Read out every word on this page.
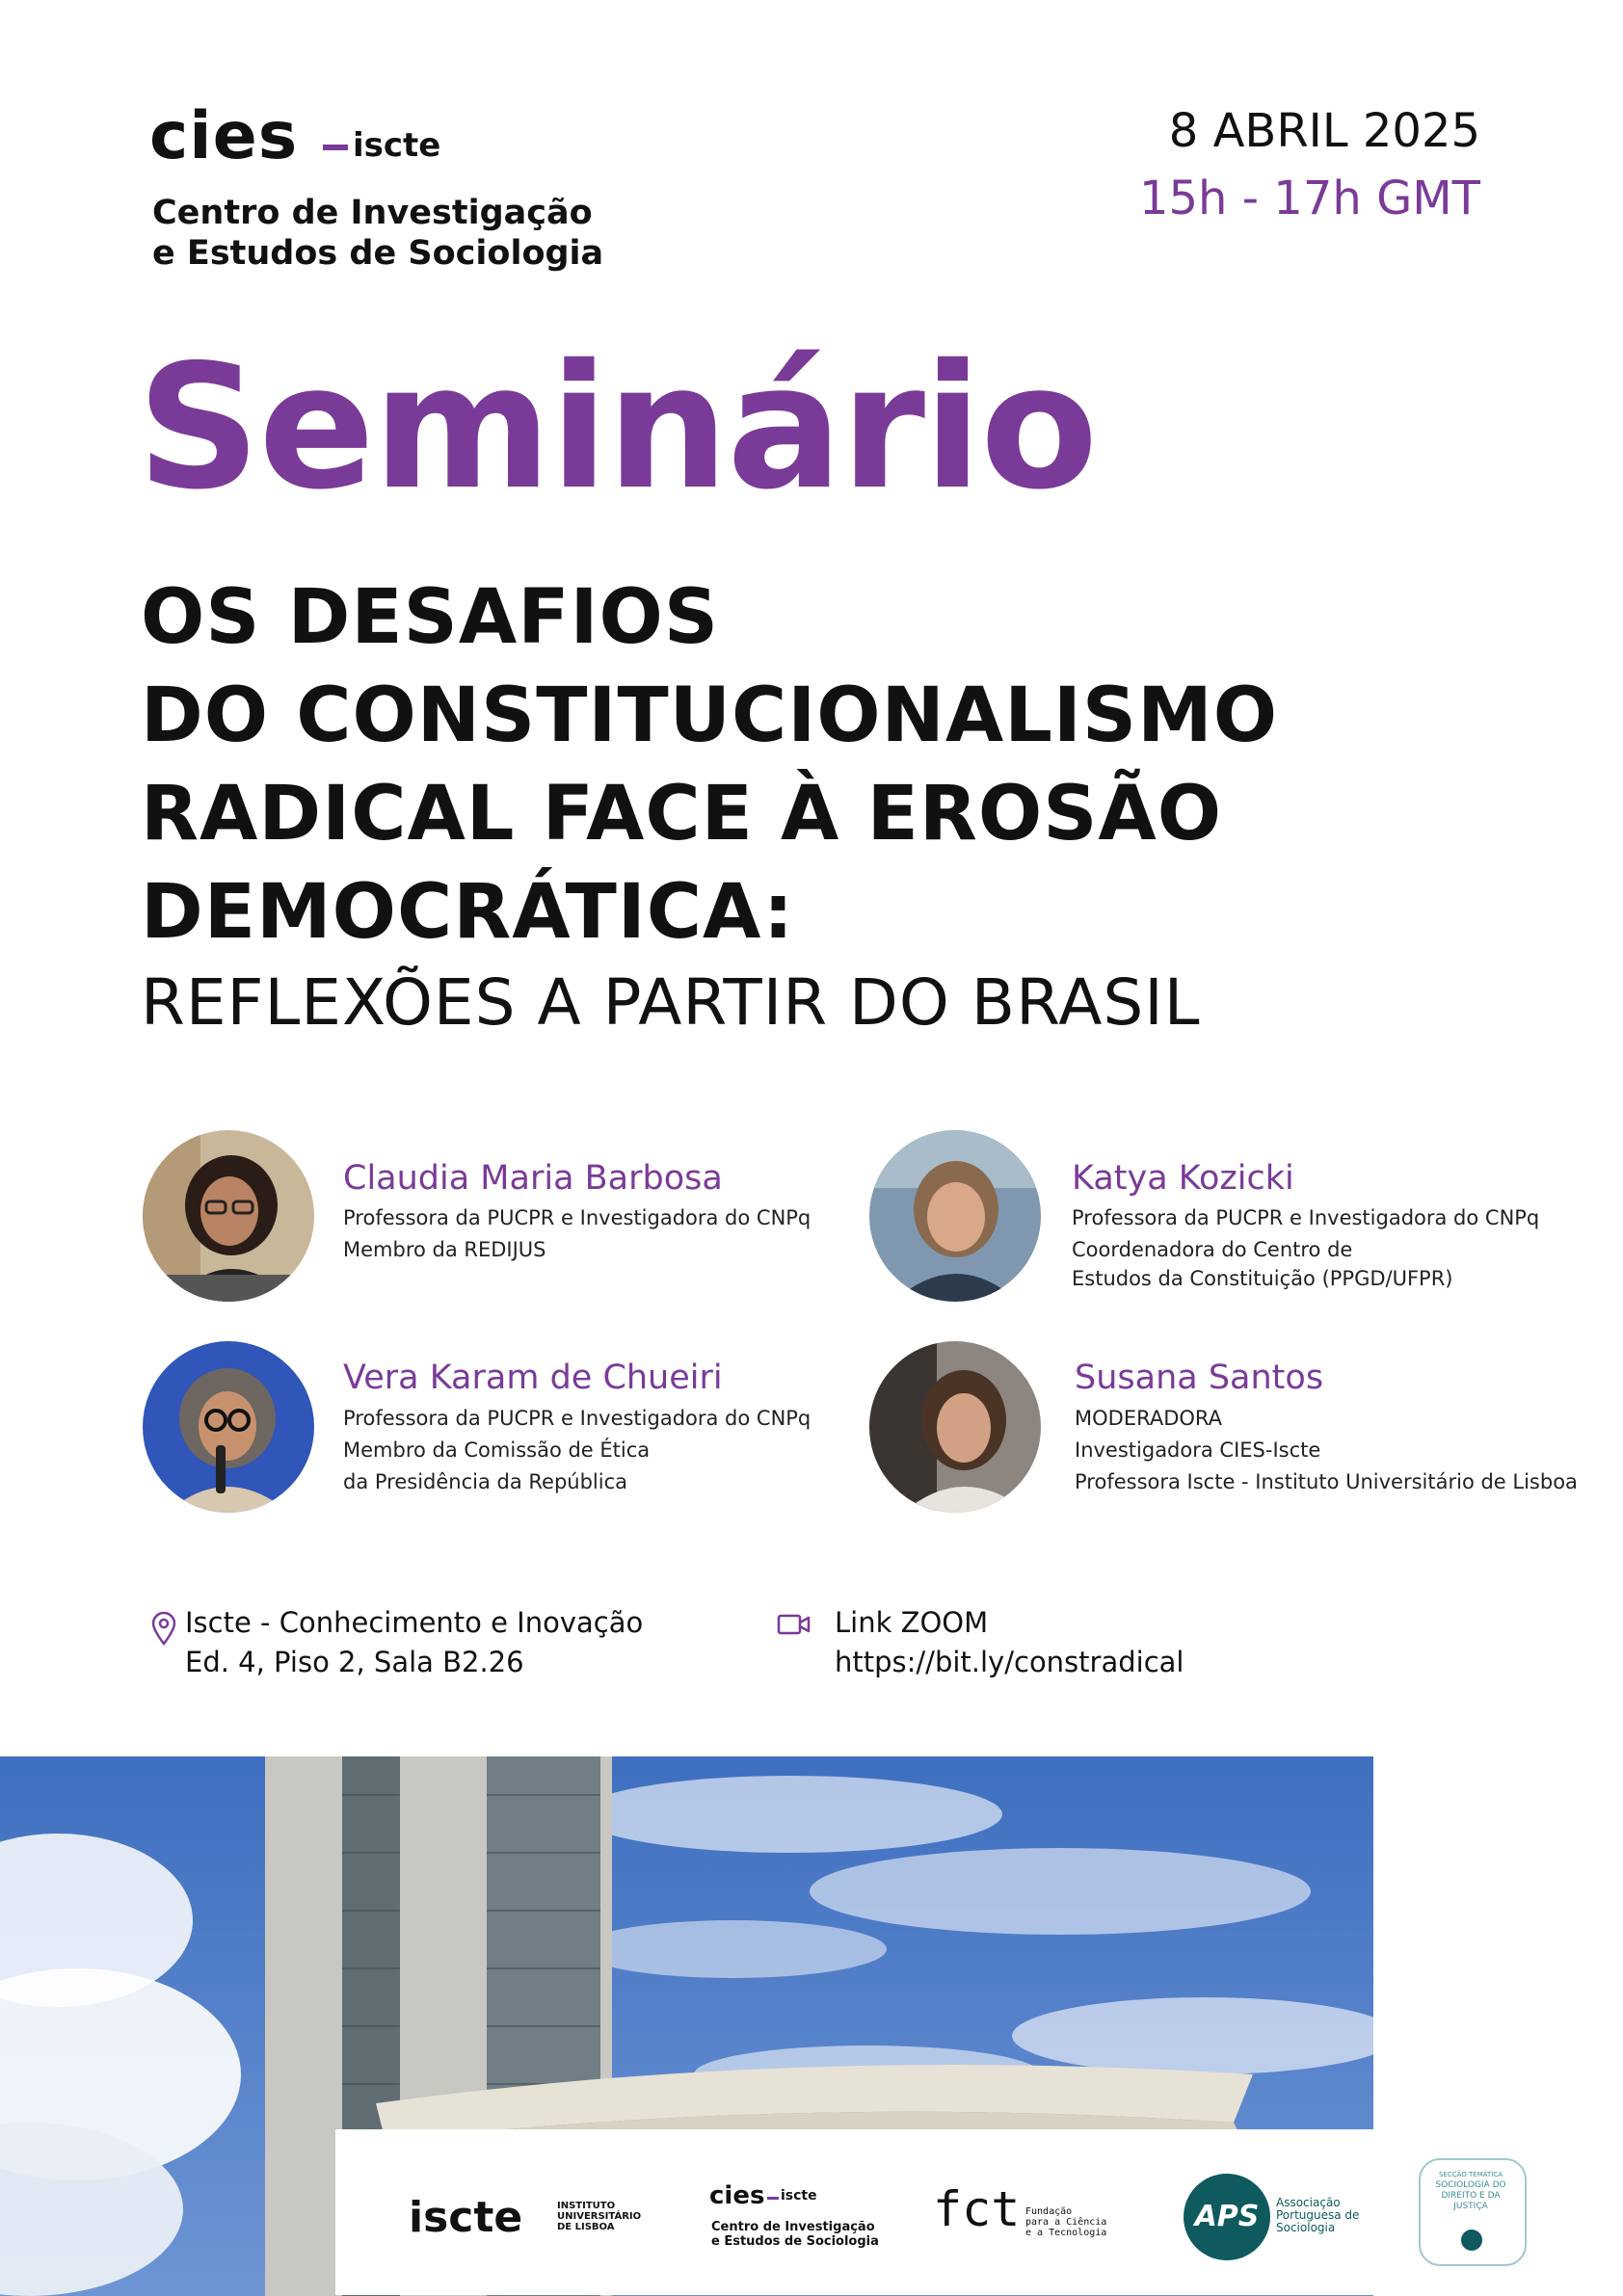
cies iscte
Centro de Investigação
e Estudos de Sociologia
8 ABRIL 2025
15h - 17h GMT
Seminário
OS DESAFIOS
DO CONSTITUCIONALISMO
RADICAL FACE À EROSÃO
DEMOCRÁTICA:
REFLEXÕES A PARTIR DO BRASIL
Claudia Maria Barbosa
Professora da PUCPR e Investigadora do CNPq
Membro da REDIJUS
Katya Kozicki
Professora da PUCPR e Investigadora do CNPq
Coordenadora do Centro de
Estudos da Constituição (PPGD/UFPR)
Vera Karam de Chueiri
Professora da PUCPR e Investigadora do CNPq
Membro da Comissão de Ética
da Presidência da República
Susana Santos
MODERADORA
Investigadora CIES-Iscte
Professora Iscte - Instituto Universitário de Lisboa
Iscte - Conhecimento e Inovação
Ed. 4, Piso 2, Sala B2.26
Link ZOOM
https://bit.ly/constradical
iscte	INSTITUTO
UNIVERSITÁRIO
DE LISBOA
cies iscte
Centro de Investigação
e Estudos de Sociologia
fct Fundação
para a Ciência
e a Tecnologia	APS	Associação
Portuguesa de
Sociologia
SECÇÃO TEMÁTICA
SOCIOLOGIA DO
DIREITO E DA
JUSTIÇA
